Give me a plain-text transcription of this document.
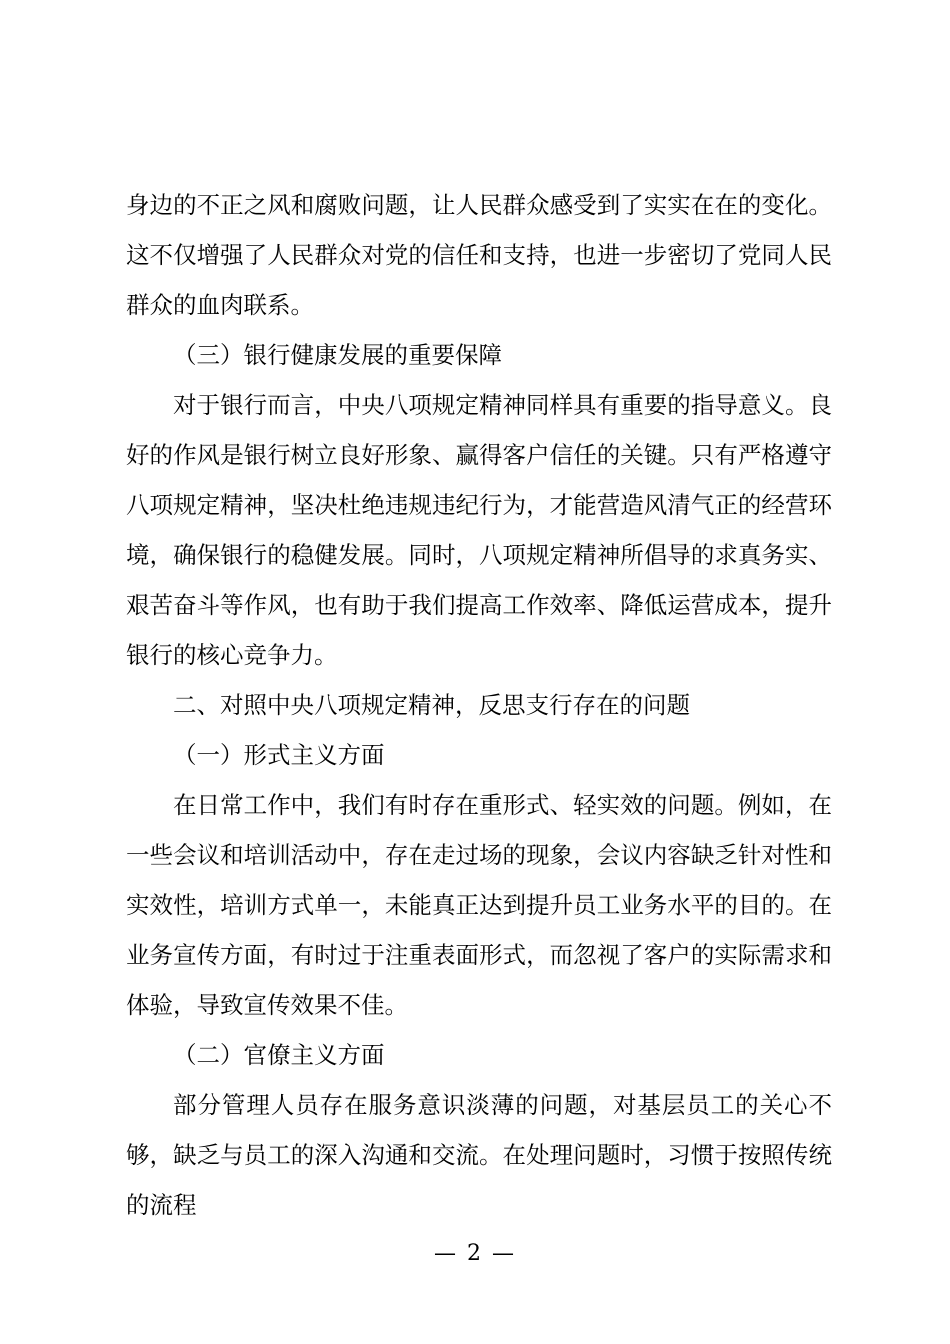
身边的不正之风和腐败问题，让人民群众感受到了实实在在的变化。这不仅增强了人民群众对党的信任和支持，也进一步密切了党同人民群众的血肉联系。

（三）银行健康发展的重要保障

对于银行而言，中央八项规定精神同样具有重要的指导意义。良好的作风是银行树立良好形象、赢得客户信任的关键。只有严格遵守八项规定精神，坚决杜绝违规违纪行为，才能营造风清气正的经营环境，确保银行的稳健发展。同时，八项规定精神所倡导的求真务实、艰苦奋斗等作风，也有助于我们提高工作效率、降低运营成本，提升银行的核心竞争力。

二、对照中央八项规定精神，反思支行存在的问题

（一）形式主义方面

在日常工作中，我们有时存在重形式、轻实效的问题。例如，在一些会议和培训活动中，存在走过场的现象，会议内容缺乏针对性和实效性，培训方式单一，未能真正达到提升员工业务水平的目的。在业务宣传方面，有时过于注重表面形式，而忽视了客户的实际需求和体验，导致宣传效果不佳。

（二）官僚主义方面

部分管理人员存在服务意识淡薄的问题，对基层员工的关心不够，缺乏与员工的深入沟通和交流。在处理问题时，习惯于按照传统的流程

— 2 —
